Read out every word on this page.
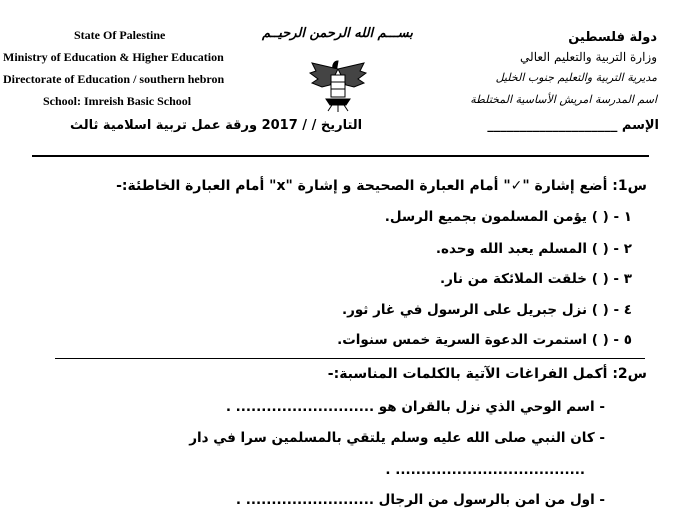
State Of Palestine
Ministry of Education & Higher Education
Directorate of Education / southern hebron
School: Imreish Basic School
بســـم الله الرحمن الرحيــم	دولة فلسطين
وزارة التربية والتعليم العالي
مديرية التربية والتعليم جنوب الخليل
اسم المدرسة امريش الأساسية المختلطة
الإسم ____________________
التاريخ / / 2017 ورقة عمل تربية اسلامية ثالث
س1: أضع إشارة "✓" أمام العبارة الصحيحة و إشارة "x" أمام العبارة الخاطئة:-
١ - ( ) يؤمن المسلمون بجميع الرسل.
٢ - ( ) المسلم يعبد الله وحده.
٣ - ( ) خلقت الملائكة من نار.
٤ - ( ) نزل جبريل على الرسول في غار ثور.
٥ - ( ) استمرت الدعوة السرية خمس سنوات.
س2: أكمل الفراغات الآتية بالكلمات المناسبة:-
- اسم الوحي الذي نزل بالقران هو ........................... .
- كان النبي صلى الله عليه وسلم يلتقي بالمسلمين سرا في دار
..................................... .
- اول من امن بالرسول من الرجال ......................... .
